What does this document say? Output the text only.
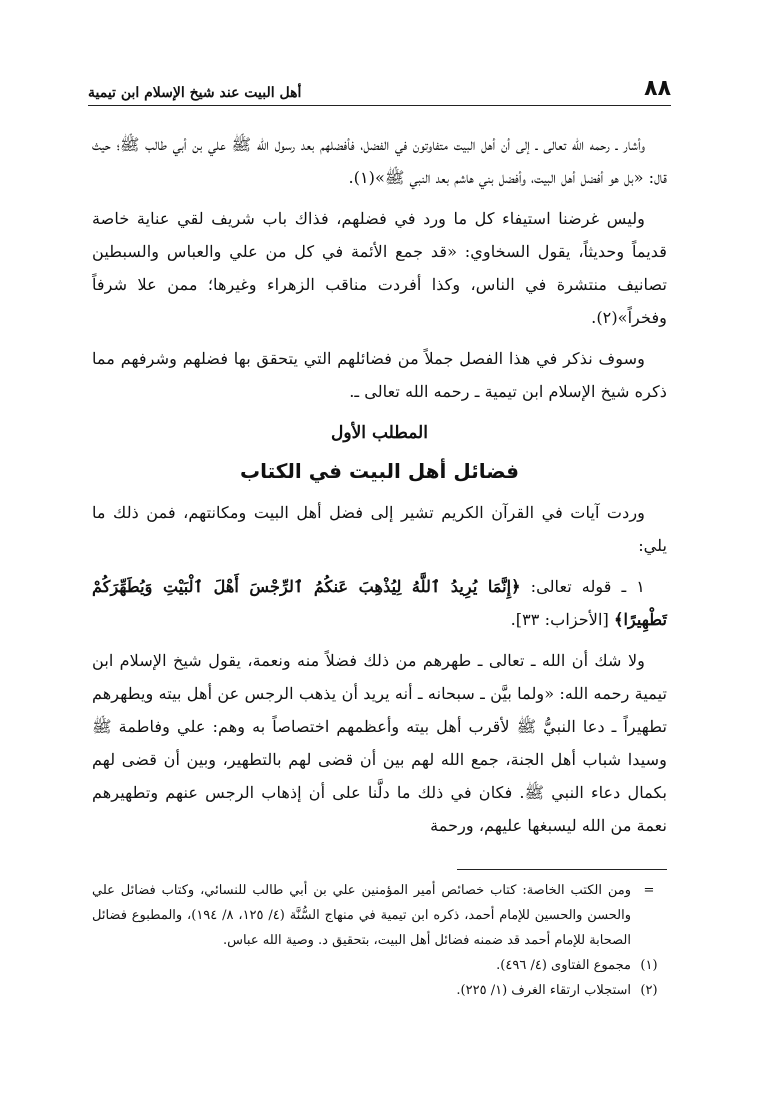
٨٨
أهل البيت عند شيخ الإسلام ابن تيمية

وأشار ـ رحمه الله تعالى ـ إلى أن أهل البيت متفاوتون في الفضل، فأفضلهم بعد رسول الله ﷺ علي بن أبي طالب ﷺ؛ حيث قال: «بل هو أفضل أهل البيت، وأفضل بني هاشم بعد النبي ﷺ»(١).

وليس غرضنا استيفاء كل ما ورد في فضلهم، فذاك باب شريف لقي عناية خاصة قديماً وحديثاً، يقول السخاوي: «قد جمع الأئمة في كل من علي والعباس والسبطين تصانيف منتشرة في الناس، وكذا أفردت مناقب الزهراء وغيرها؛ ممن علا شرفاً وفخراً»(٢).

وسوف نذكر في هذا الفصل جملاً من فضائلهم التي يتحقق بها فضلهم وشرفهم مما ذكره شيخ الإسلام ابن تيمية ـ رحمه الله تعالى ـ.

المطلب الأول
فضائل أهل البيت في الكتاب

وردت آيات في القرآن الكريم تشير إلى فضل أهل البيت ومكانتهم، فمن ذلك ما يلي:

١ ـ قوله تعالى: ﴿إِنَّمَا يُرِيدُ ٱللَّهُ لِيُذْهِبَ عَنكُمُ ٱلرِّجْسَ أَهْلَ ٱلْبَيْتِ وَيُطَهِّرَكُمْ تَطْهِيرًا﴾ [الأحزاب: ٣٣].

ولا شك أن الله ـ تعالى ـ طهرهم من ذلك فضلاً منه ونعمة، يقول شيخ الإسلام ابن تيمية رحمه الله: «ولما بيَّن ـ سبحانه ـ أنه يريد أن يذهب الرجس عن أهل بيته ويطهرهم تطهيراً ـ دعا النبيُّ ﷺ لأقرب أهل بيته وأعظمهم اختصاصاً به وهم: علي وفاطمة ﷺ وسيدا شباب أهل الجنة، جمع الله لهم بين أن قضى لهم بالتطهير، وبين أن قضى لهم بكمال دعاء النبي ﷺ. فكان في ذلك ما دلَّنا على أن إذهاب الرجس عنهم وتطهيرهم نعمة من الله ليسبغها عليهم، ورحمة

=
ومن الكتب الخاصة: كتاب خصائص أمير المؤمنين علي بن أبي طالب للنسائي، وكتاب فضائل علي والحسن والحسين للإمام أحمد، ذكره ابن تيمية في منهاج السُّنَّة (٤/ ١٢٥، ٨/ ١٩٤)، والمطبوع فضائل الصحابة للإمام أحمد قد ضمنه فضائل أهل البيت، بتحقيق د. وصية الله عباس.
(١)
مجموع الفتاوى (٤/ ٤٩٦).
(٢)
استجلاب ارتقاء الغرف (١/ ٢٢٥).
